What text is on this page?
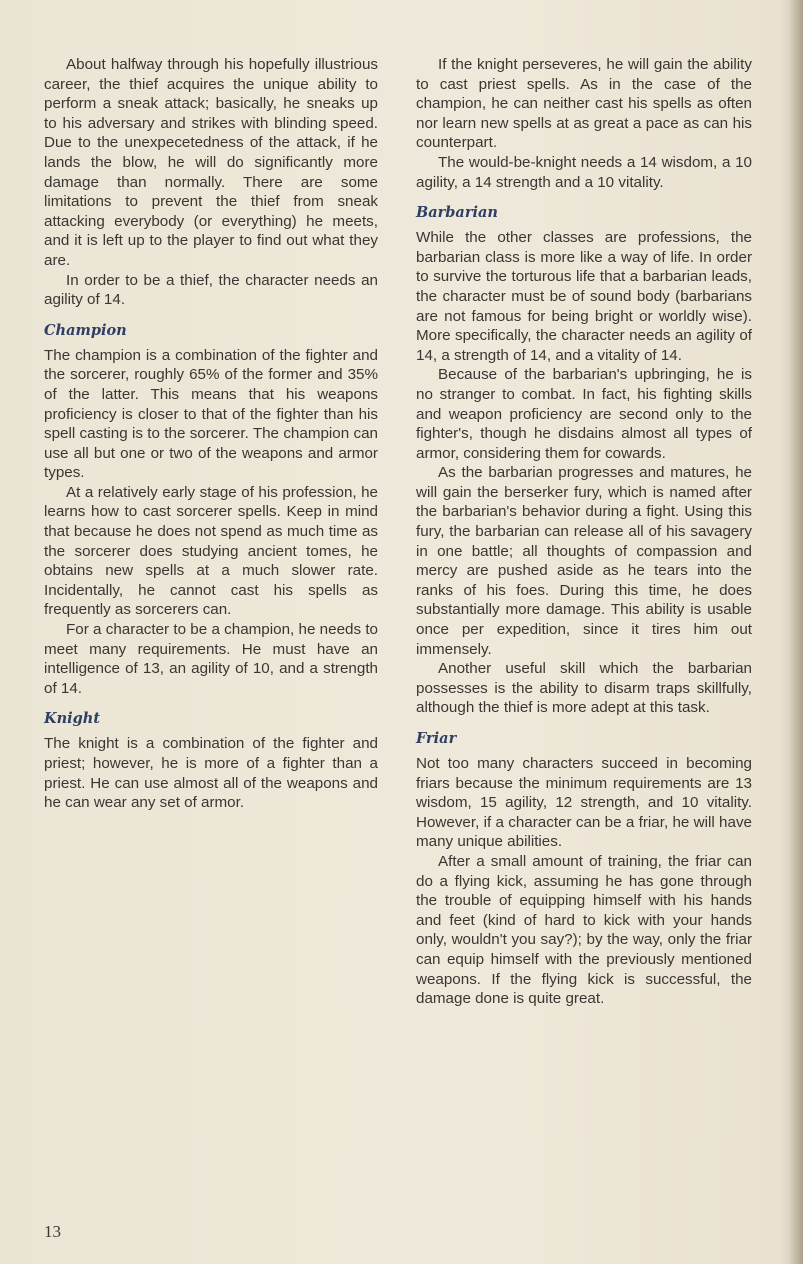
About halfway through his hopefully illustrious career, the thief acquires the unique ability to perform a sneak attack; basically, he sneaks up to his adversary and strikes with blinding speed. Due to the unexpecetedness of the attack, if he lands the blow, he will do significantly more damage than normally. There are some limitations to prevent the thief from sneak attacking everybody (or everything) he meets, and it is left up to the player to find out what they are.

In order to be a thief, the character needs an agility of 14.

Champion

The champion is a combination of the fighter and the sorcerer, roughly 65% of the former and 35% of the latter. This means that his weapons proficiency is closer to that of the fighter than his spell casting is to the sorcerer. The champion can use all but one or two of the weapons and armor types.

At a relatively early stage of his profession, he learns how to cast sorcerer spells. Keep in mind that because he does not spend as much time as the sorcerer does studying ancient tomes, he obtains new spells at a much slower rate. Incidentally, he cannot cast his spells as frequently as sorcerers can.

For a character to be a champion, he needs to meet many requirements. He must have an intelligence of 13, an agility of 10, and a strength of 14.

Knight

The knight is a combination of the fighter and priest; however, he is more of a fighter than a priest. He can use almost all of the weapons and he can wear any set of armor.

If the knight perseveres, he will gain the ability to cast priest spells. As in the case of the champion, he can neither cast his spells as often nor learn new spells at as great a pace as can his counterpart.

The would-be-knight needs a 14 wisdom, a 10 agility, a 14 strength and a 10 vitality.

Barbarian

While the other classes are professions, the barbarian class is more like a way of life. In order to survive the torturous life that a barbarian leads, the character must be of sound body (barbarians are not famous for being bright or worldly wise). More specifically, the character needs an agility of 14, a strength of 14, and a vitality of 14.

Because of the barbarian's upbringing, he is no stranger to combat. In fact, his fighting skills and weapon proficiency are second only to the fighter's, though he disdains almost all types of armor, considering them for cowards.

As the barbarian progresses and matures, he will gain the berserker fury, which is named after the barbarian's behavior during a fight. Using this fury, the barbarian can release all of his savagery in one battle; all thoughts of compassion and mercy are pushed aside as he tears into the ranks of his foes. During this time, he does substantially more damage. This ability is usable once per expedition, since it tires him out immensely.

Another useful skill which the barbarian possesses is the ability to disarm traps skillfully, although the thief is more adept at this task.

Friar

Not too many characters succeed in becoming friars because the minimum requirements are 13 wisdom, 15 agility, 12 strength, and 10 vitality. However, if a character can be a friar, he will have many unique abilities.

After a small amount of training, the friar can do a flying kick, assuming he has gone through the trouble of equipping himself with his hands and feet (kind of hard to kick with your hands only, wouldn't you say?); by the way, only the friar can equip himself with the previously mentioned weapons. If the flying kick is successful, the damage done is quite great.

13
